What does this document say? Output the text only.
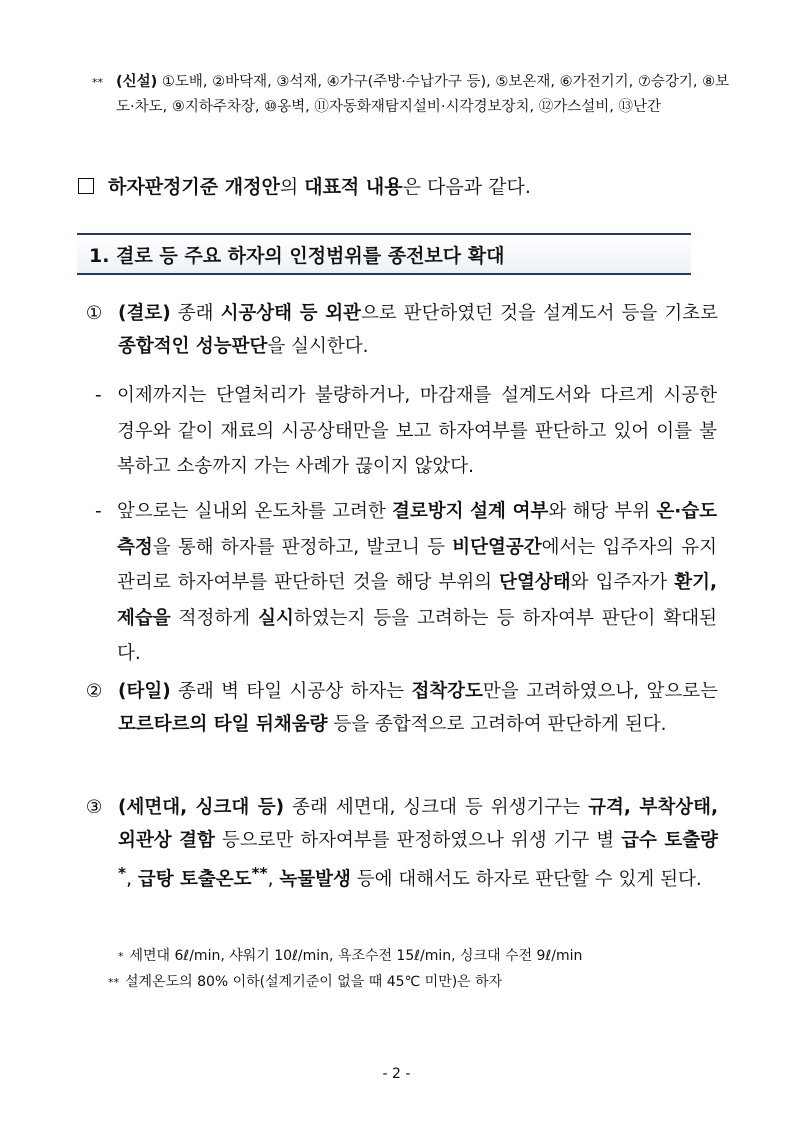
** (신설) ①도배, ②바닥재, ③석재, ④가구(주방·수납가구 등), ⑤보온재, ⑥가전기기, ⑦승강기, ⑧보도·차도, ⑨지하주차장, ⑩옹벽, ⑪자동화재탐지설비·시각경보장치, ⑫가스설비, ⑬난간
하자판정기준 개정안의 대표적 내용은 다음과 같다.
1. 결로 등 주요 하자의 인정범위를 종전보다 확대
① (결로) 종래 시공상태 등 외관으로 판단하였던 것을 설계도서 등을 기초로 종합적인 성능판단을 실시한다.
- 이제까지는 단열처리가 불량하거나, 마감재를 설계도서와 다르게 시공한 경우와 같이 재료의 시공상태만을 보고 하자여부를 판단하고 있어 이를 불복하고 소송까지 가는 사례가 끊이지 않았다.
- 앞으로는 실내외 온도차를 고려한 결로방지 설계 여부와 해당 부위 온·습도 측정을 통해 하자를 판정하고, 발코니 등 비단열공간에서는 입주자의 유지관리로 하자여부를 판단하던 것을 해당 부위의 단열상태와 입주자가 환기, 제습을 적정하게 실시하였는지 등을 고려하는 등 하자여부 판단이 확대된다.
② (타일) 종래 벽 타일 시공상 하자는 접착강도만을 고려하였으나, 앞으로는 모르타르의 타일 뒤채움량 등을 종합적으로 고려하여 판단하게 된다.
③ (세면대, 싱크대 등) 종래 세면대, 싱크대 등 위생기구는 규격, 부착상태, 외관상 결함 등으로만 하자여부를 판정하였으나 위생 기구 별 급수 토출량*, 급탕 토출온도**, 녹물발생 등에 대해서도 하자로 판단할 수 있게 된다.
* 세면대 6ℓ/min, 샤워기 10ℓ/min, 욕조수전 15ℓ/min, 싱크대 수전 9ℓ/min
** 설계온도의 80% 이하(설계기준이 없을 때 45℃ 미만)은 하자
- 2 -
